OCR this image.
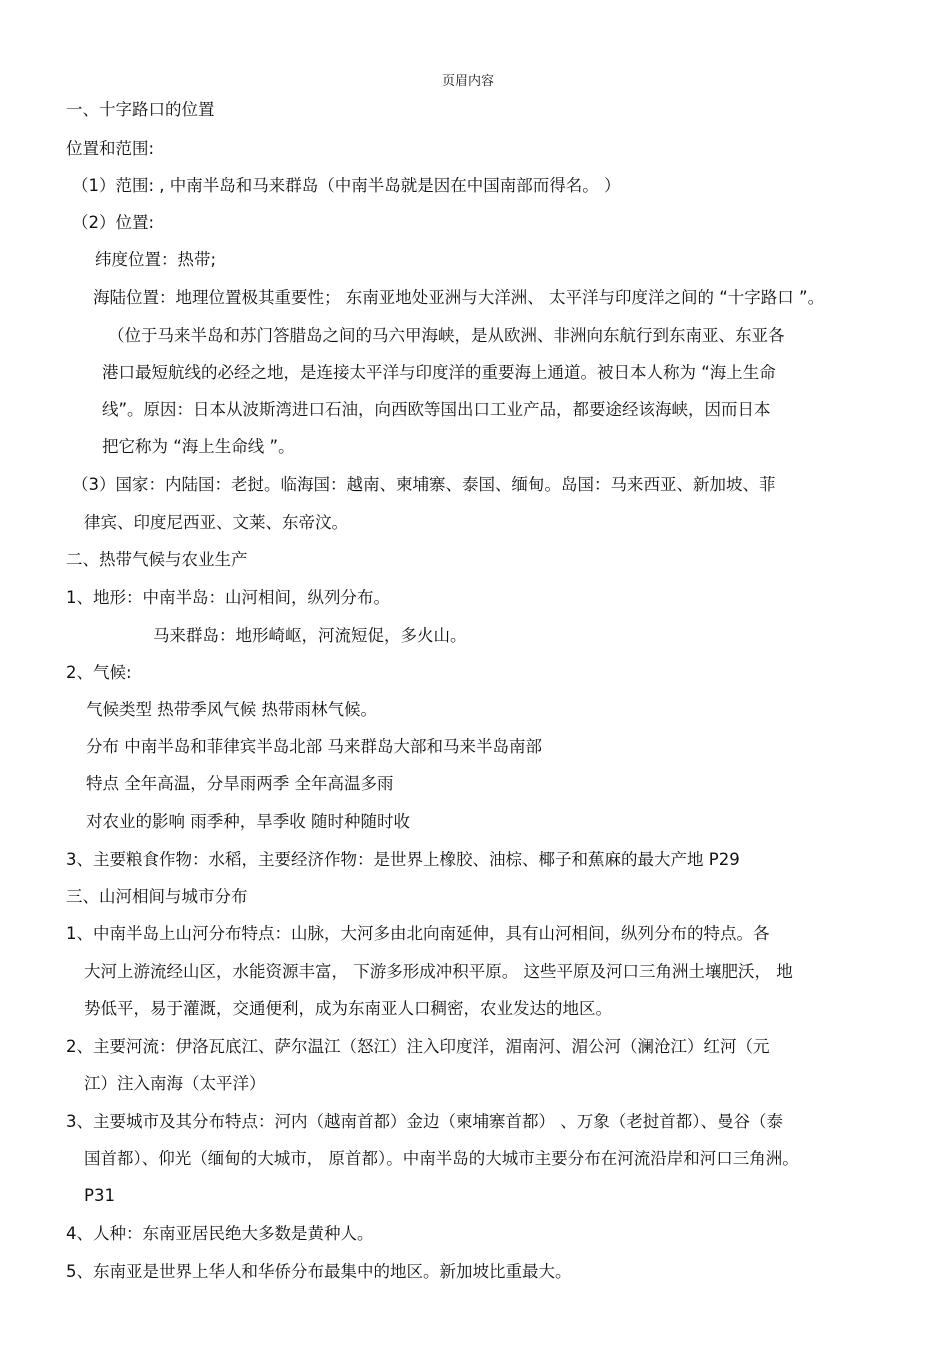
页眉内容
一、十字路口的位置
位置和范围:
（1）范围: , 中南半岛和马来群岛（中南半岛就是因在中国南部而得名。 ）
（2）位置:
纬度位置：热带;
海陆位置：地理位置极其重要性； 东南亚地处亚洲与大洋洲、 太平洋与印度洋之间的 “十字路口 ”。
（位于马来半岛和苏门答腊岛之间的马六甲海峡，是从欧洲、非洲向东航行到东南亚、东亚各
港口最短航线的必经之地，是连接太平洋与印度洋的重要海上通道。被日本人称为 “海上生命
线”。原因：日本从波斯湾进口石油，向西欧等国出口工业产品，都要途经该海峡，因而日本
把它称为 “海上生命线 ”。
（3）国家：内陆国：老挝。临海国：越南、柬埔寨、泰国、缅甸。岛国：马来西亚、新加坡、菲
律宾、印度尼西亚、文莱、东帝汶。
二、热带气候与农业生产
1、地形：中南半岛：山河相间，纵列分布。
马来群岛：地形崎岖，河流短促，多火山。
2、气候:
气候类型 热带季风气候 热带雨林气候。
分布 中南半岛和菲律宾半岛北部 马来群岛大部和马来半岛南部
特点 全年高温，分旱雨两季 全年高温多雨
对农业的影响 雨季种，旱季收 随时种随时收
3、主要粮食作物：水稻，主要经济作物：是世界上橡胶、油棕、椰子和蕉麻的最大产地 P29
三、山河相间与城市分布
1、中南半岛上山河分布特点：山脉，大河多由北向南延伸，具有山河相间，纵列分布的特点。各
大河上游流经山区，水能资源丰富， 下游多形成冲积平原。 这些平原及河口三角洲土壤肥沃， 地
势低平，易于灌溉，交通便利，成为东南亚人口稠密，农业发达的地区。
2、主要河流：伊洛瓦底江、萨尔温江（怒江）注入印度洋，湄南河、湄公河（澜沧江）红河（元
江）注入南海（太平洋）
3、主要城市及其分布特点：河内（越南首都）金边（柬埔寨首都） 、万象（老挝首都）、曼谷（泰
国首都）、仰光（缅甸的大城市， 原首都）。中南半岛的大城市主要分布在河流沿岸和河口三角洲。
P31
4、人种：东南亚居民绝大多数是黄种人。
5、东南亚是世界上华人和华侨分布最集中的地区。新加坡比重最大。
